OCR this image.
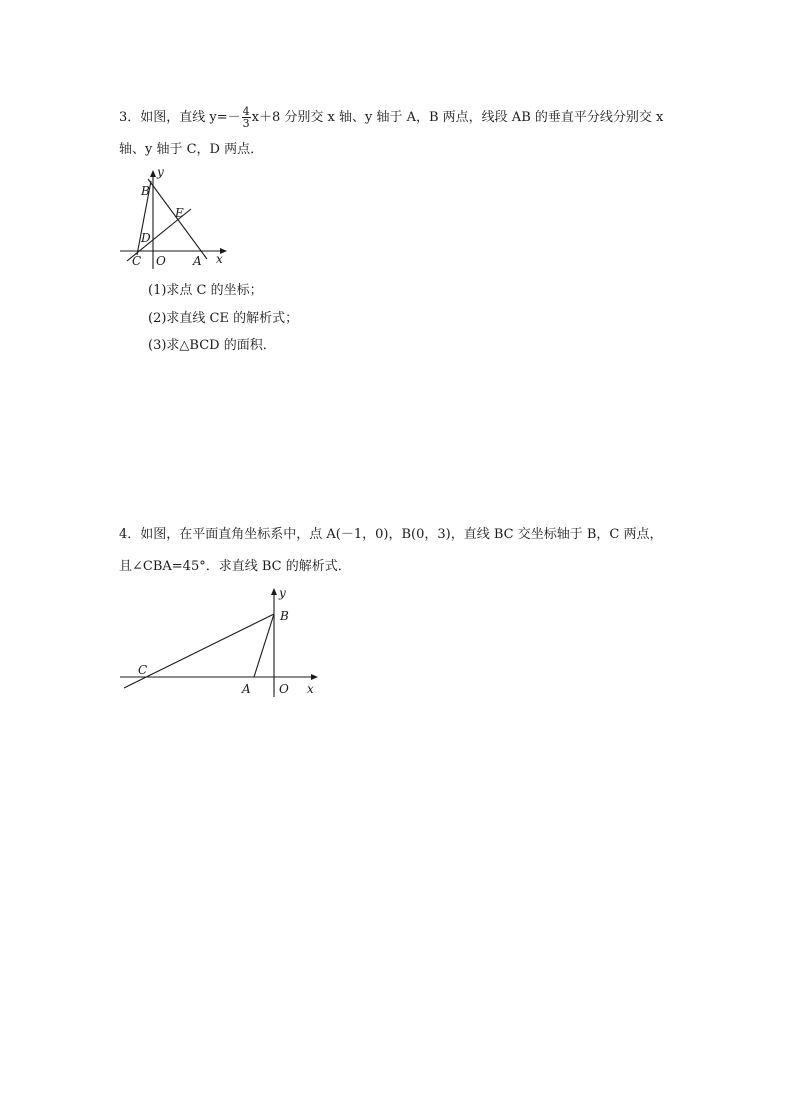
3．如图，直线 $y=- \frac{4}{3} x+8$ 分别交 x 轴、y 轴于 A，B 两点，线段 AB 的垂直平分线分别交 x
轴、y 轴于 C，D 两点．
y
B
E
D
C O A x
(1)求点 C 的坐标；
(2)求直线 CE 的解析式；
(3)求△BCD 的面积．
4．如图，在平面直角坐标系中，点 A(－1，0)，B(0，3)，直线 BC 交坐标轴于 B，C 两点，
且∠CBA=45°．求直线 BC 的解析式．
y
B
C
A O x
